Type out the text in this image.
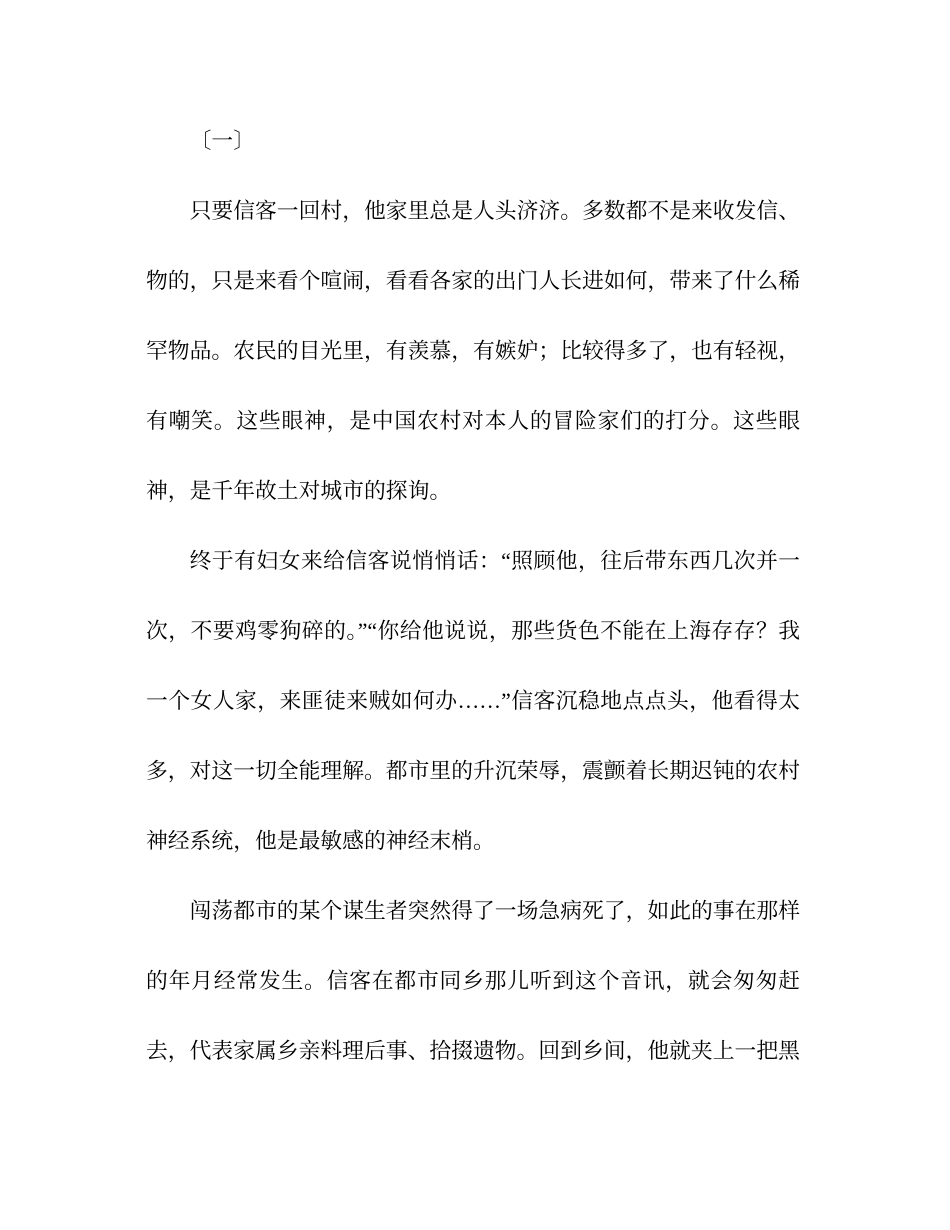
〔一〕

只要信客一回村，他家里总是人头济济。多数都不是来收发信、物的，只是来看个喧闹，看看各家的出门人长进如何，带来了什么稀罕物品。农民的目光里，有羡慕，有嫉妒；比较得多了，也有轻视，有嘲笑。这些眼神，是中国农村对本人的冒险家们的打分。这些眼神，是千年故土对城市的探询。

终于有妇女来给信客说悄悄话：“照顾他，往后带东西几次并一次，不要鸡零狗碎的。”“你给他说说，那些货色不能在上海存存？我一个女人家，来匪徒来贼如何办……”信客沉稳地点点头，他看得太多，对这一切全能理解。都市里的升沉荣辱，震颤着长期迟钝的农村神经系统，他是最敏感的神经末梢。

闯荡都市的某个谋生者突然得了一场急病死了，如此的事在那样的年月经常发生。信客在都市同乡那儿听到这个音讯，就会匆匆赶去，代表家属乡亲料理后事、拾掇遗物。回到乡间，他就夹上一把黑
